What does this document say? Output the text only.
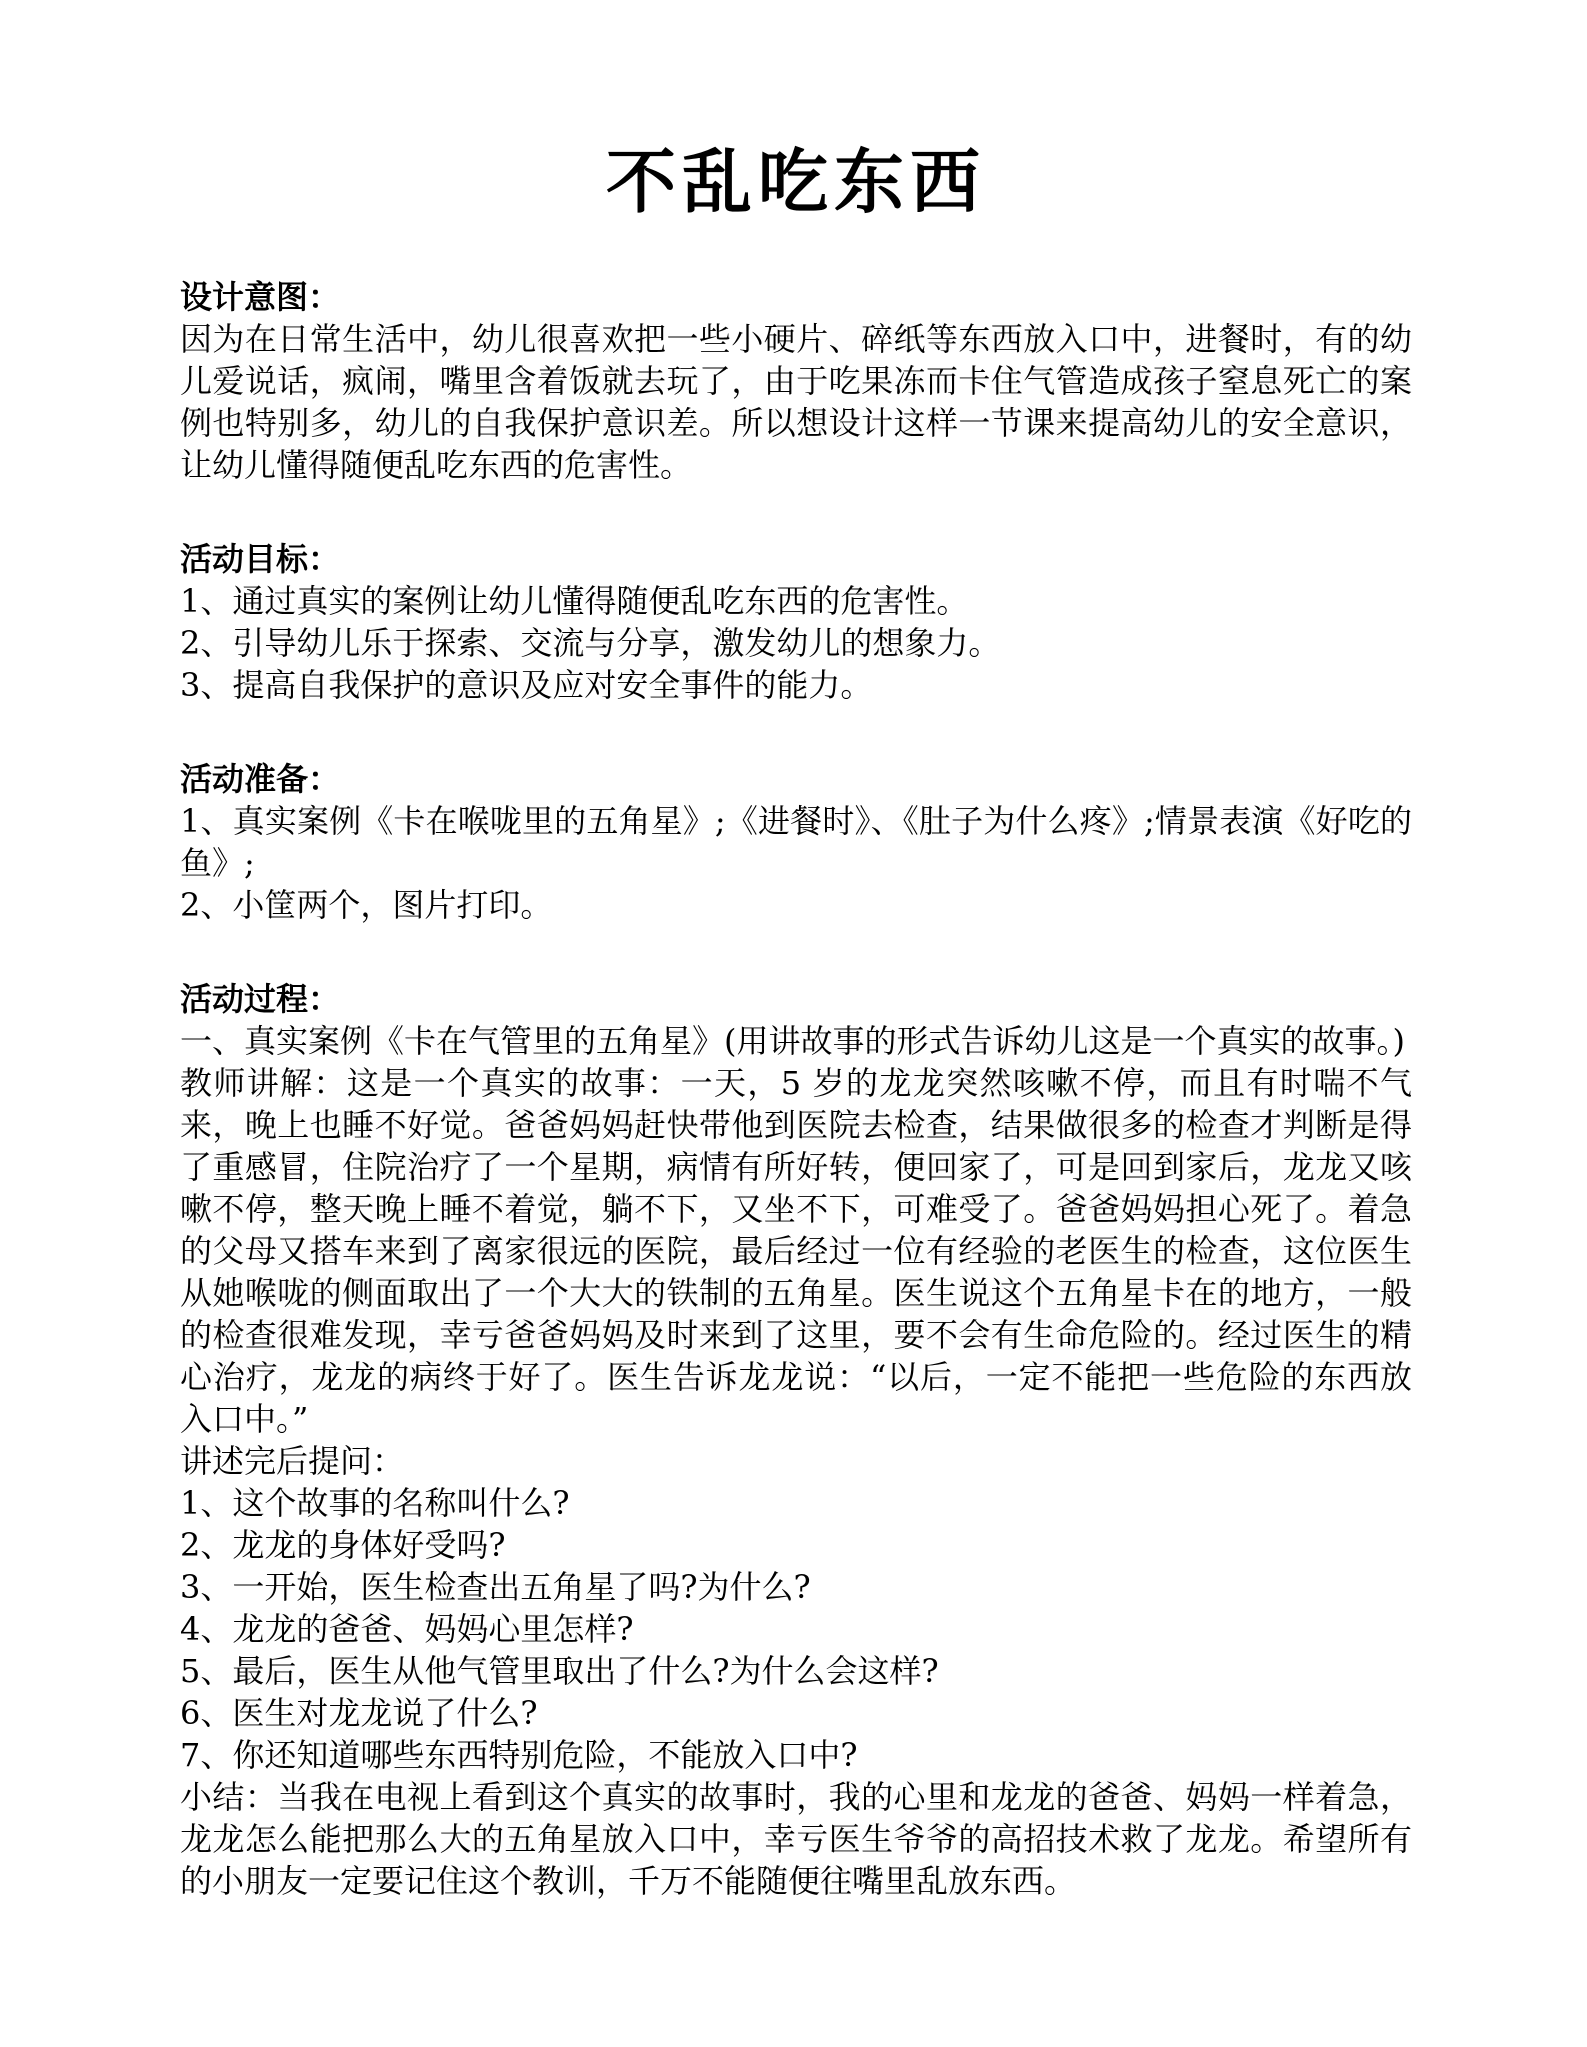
不乱吃东西
设计意图：

因为在日常生活中，幼儿很喜欢把一些小硬片、碎纸等东西放入口中，进餐时，有的幼儿爱说话，疯闹，嘴里含着饭就去玩了，由于吃果冻而卡住气管造成孩子窒息死亡的案例也特别多，幼儿的自我保护意识差。所以想设计这样一节课来提高幼儿的安全意识，让幼儿懂得随便乱吃东西的危害性。

活动目标：

1、通过真实的案例让幼儿懂得随便乱吃东西的危害性。

2、引导幼儿乐于探索、交流与分享，激发幼儿的想象力。

3、提高自我保护的意识及应对安全事件的能力。

活动准备：

1、真实案例《卡在喉咙里的五角星》;《进餐时》、《肚子为什么疼》;情景表演《好吃的鱼》;

2、小筐两个，图片打印。

活动过程：

一、真实案例《卡在气管里的五角星》(用讲故事的形式告诉幼儿这是一个真实的故事。)

教师讲解：这是一个真实的故事：一天，5 岁的龙龙突然咳嗽不停，而且有时喘不气来，晚上也睡不好觉。爸爸妈妈赶快带他到医院去检查，结果做很多的检查才判断是得了重感冒，住院治疗了一个星期，病情有所好转，便回家了，可是回到家后，龙龙又咳嗽不停，整天晚上睡不着觉，躺不下，又坐不下，可难受了。爸爸妈妈担心死了。着急的父母又搭车来到了离家很远的医院，最后经过一位有经验的老医生的检查，这位医生从她喉咙的侧面取出了一个大大的铁制的五角星。医生说这个五角星卡在的地方，一般的检查很难发现，幸亏爸爸妈妈及时来到了这里，要不会有生命危险的。经过医生的精心治疗，龙龙的病终于好了。医生告诉龙龙说：“以后，一定不能把一些危险的东西放入口中。”

讲述完后提问：

1、这个故事的名称叫什么?

2、龙龙的身体好受吗?

3、一开始，医生检查出五角星了吗?为什么?

4、龙龙的爸爸、妈妈心里怎样?

5、最后，医生从他气管里取出了什么?为什么会这样?

6、医生对龙龙说了什么?

7、你还知道哪些东西特别危险，不能放入口中?

小结：当我在电视上看到这个真实的故事时，我的心里和龙龙的爸爸、妈妈一样着急，龙龙怎么能把那么大的五角星放入口中，幸亏医生爷爷的高招技术救了龙龙。希望所有的小朋友一定要记住这个教训，千万不能随便往嘴里乱放东西。
